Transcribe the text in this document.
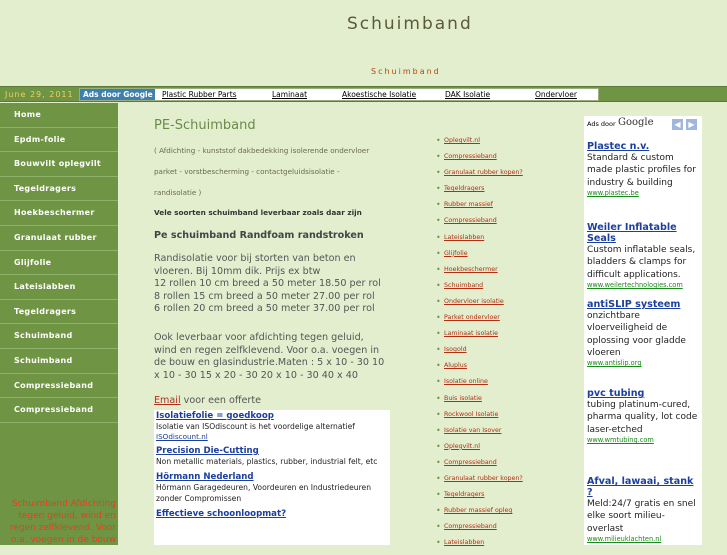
Schuimband
Schuimband
June 29, 2011	Ads door Google	Plastic Rubber Parts	Laminaat	Akoestische Isolatie	DAK Isolatie	Ondervloer
Home
Epdm-folie
Bouwvilt oplegvilt
Tegeldragers
Hoekbeschermer
Granulaat rubber
Glijfolie
Lateislabben
Tegeldragers
Schuimband
Schuimband
Compressieband
Compressieband
Schuimband Afdichting tegen geluid, wind en regen zelfklevend. Voor o.a. voegen in de bouw
PE-Schuimband
( Afdichting - kunststof dakbedekking isolerende ondervloer parket - vorstbescherming - contactgeluidsisolatie - randisolatie )
Vele soorten schuimband leverbaar zoals daar zijn
Pe schuimband Randfoam randstroken
Randisolatie voor bij storten van beton en
vloeren. Bij 10mm dik. Prijs ex btw
12 rollen 10 cm breed a 50 meter 18.50 per rol
8 rollen 15 cm breed a 50 meter 27.00 per rol
6 rollen 20 cm breed a 50 meter 37.00 per rol
Ook leverbaar voor afdichting tegen geluid,
wind en regen zelfklevend. Voor o.a. voegen in
de bouw en glasindustrie.Maten : 5 x 10 - 30 10
x 10 - 30 15 x 20 - 30 20 x 10 - 30 40 x 40
Email voor een offerte
Isolatiefolie = goedkoop
Isolatie van ISOdiscount is het voordelige alternatief
ISOdiscount.nl
Precision Die-Cutting
Non metallic materials, plastics, rubber, industrial felt, etc
Hörmann Nederland
Hörmann Garagedeuren, Voordeuren en Industriedeuren zonder Compromissen
Effectieve schoonloopmat?
• Oplegvilt.nl
• Compressieband
• Granulaat rubber kopen?
• Tegeldragers
• Rubber massief
• Compressieband
• Lateislabben
• Glijfolie
• Hoekbeschermer
• Schuimband
• Ondervloer isolatie
• Parket ondervloer
• Laminaat isolatie
• Isogold
• Aluplus
• Isolatie online
• Buis isolatie
• Rockwool Isolatie
• Isolatie van Isover
• Oplegvilt.nl
• Compressieband
• Granulaat rubber kopen?
• Tegeldragers
• Rubber massief opleg
• Compressieband
• Lateislabben
Ads door Google	◀ ▶
Plastec n.v.
Standard & custom made plastic profiles for industry & building
www.plastec.be
Weiler Inflatable Seals
Custom inflatable seals, bladders & clamps for difficult applications.
www.weilertechnologies.com
antiSLIP systeem
onzichtbare vloerveiligheid de oplossing voor gladde vloeren
www.antislip.org
pvc tubing
tubing platinum-cured, pharma quality, lot code laser-etched
www.wmtubing.com
Afval, lawaai, stank ?
Meld:24/7 gratis en snel elke soort milieu-overlast
www.milieuklachten.nl
